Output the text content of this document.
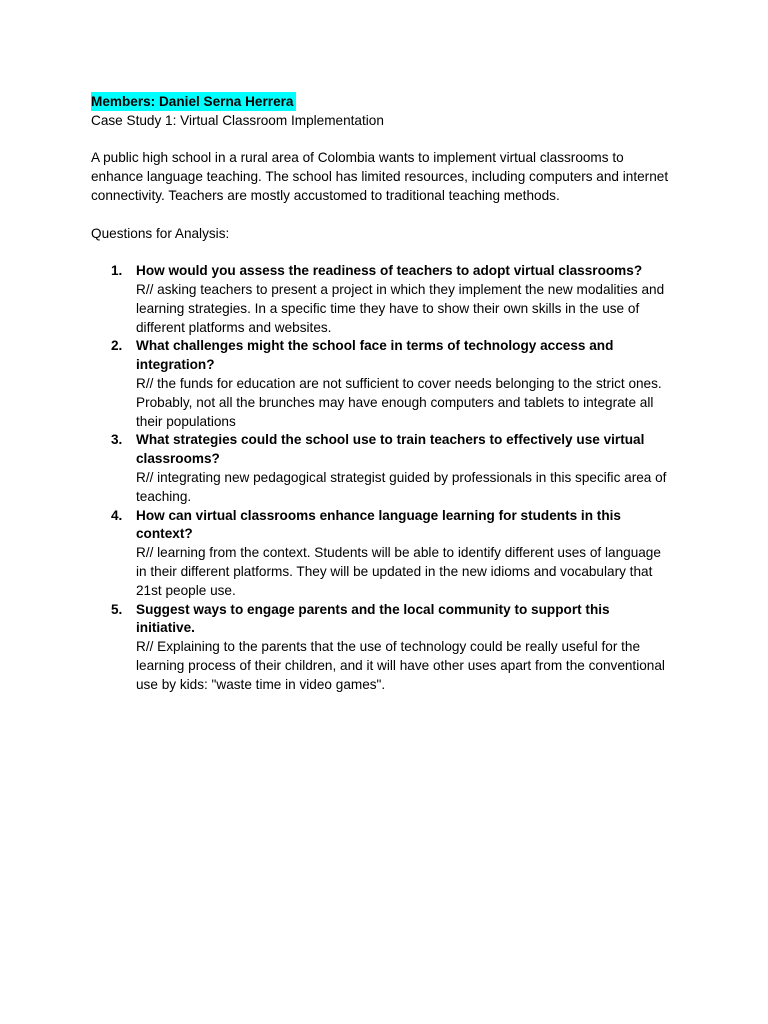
Members: Daniel Serna Herrera
Case Study 1: Virtual Classroom Implementation
A public high school in a rural area of Colombia wants to implement virtual classrooms to
enhance language teaching. The school has limited resources, including computers and internet
connectivity. Teachers are mostly accustomed to traditional teaching methods.
Questions for Analysis:
1. How would you assess the readiness of teachers to adopt virtual classrooms?
R// asking teachers to present a project in which they implement the new modalities and
learning strategies. In a specific time they have to show their own skills in the use of
different platforms and websites.
2. What challenges might the school face in terms of technology access and
integration?
R// the funds for education are not sufficient to cover needs belonging to the strict ones.
Probably, not all the brunches may have enough computers and tablets to integrate all
their populations
3. What strategies could the school use to train teachers to effectively use virtual
classrooms?
R// integrating new pedagogical strategist guided by professionals in this specific area of
teaching.
4. How can virtual classrooms enhance language learning for students in this
context?
R// learning from the context. Students will be able to identify different uses of language
in their different platforms. They will be updated in the new idioms and vocabulary that
21st people use.
5. Suggest ways to engage parents and the local community to support this
initiative.
R// Explaining to the parents that the use of technology could be really useful for the
learning process of their children, and it will have other uses apart from the conventional
use by kids: "waste time in video games".
